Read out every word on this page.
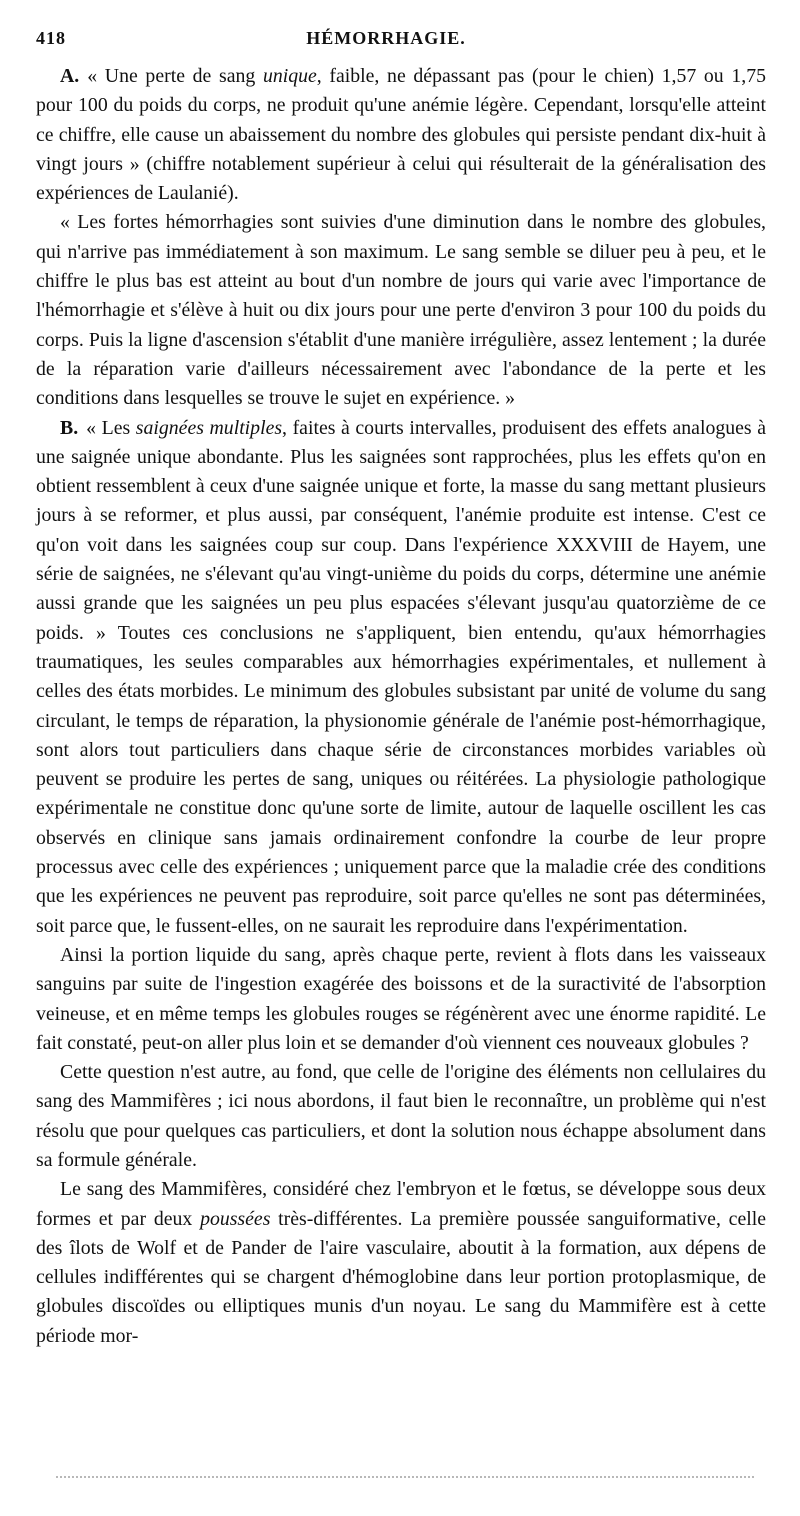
418	HÉMORRHAGIE.

A. « Une perte de sang unique, faible, ne dépassant pas (pour le chien) 1,57 ou 1,75 pour 100 du poids du corps, ne produit qu'une anémie légère. Cependant, lorsqu'elle atteint ce chiffre, elle cause un abaissement du nombre des globules qui persiste pendant dix-huit à vingt jours » (chiffre notablement supérieur à celui qui résulterait de la généralisation des expériences de Laulanié).

« Les fortes hémorrhagies sont suivies d'une diminution dans le nombre des globules, qui n'arrive pas immédiatement à son maximum. Le sang semble se diluer peu à peu, et le chiffre le plus bas est atteint au bout d'un nombre de jours qui varie avec l'importance de l'hémorrhagie et s'élève à huit ou dix jours pour une perte d'environ 3 pour 100 du poids du corps. Puis la ligne d'ascension s'établit d'une manière irrégulière, assez lentement ; la durée de la réparation varie d'ailleurs nécessairement avec l'abondance de la perte et les conditions dans lesquelles se trouve le sujet en expérience. »

B. « Les saignées multiples, faites à courts intervalles, produisent des effets analogues à une saignée unique abondante. Plus les saignées sont rapprochées, plus les effets qu'on en obtient ressemblent à ceux d'une saignée unique et forte, la masse du sang mettant plusieurs jours à se reformer, et plus aussi, par conséquent, l'anémie produite est intense. C'est ce qu'on voit dans les saignées coup sur coup. Dans l'expérience XXXVIII de Hayem, une série de saignées, ne s'élevant qu'au vingt-unième du poids du corps, détermine une anémie aussi grande que les saignées un peu plus espacées s'élevant jusqu'au quatorzième de ce poids. » Toutes ces conclusions ne s'appliquent, bien entendu, qu'aux hémorrhagies traumatiques, les seules comparables aux hémorrhagies expérimentales, et nullement à celles des états morbides. Le minimum des globules subsistant par unité de volume du sang circulant, le temps de réparation, la physionomie générale de l'anémie post-hémorrhagique, sont alors tout particuliers dans chaque série de circonstances morbides variables où peuvent se produire les pertes de sang, uniques ou réitérées. La physiologie pathologique expérimentale ne constitue donc qu'une sorte de limite, autour de laquelle oscillent les cas observés en clinique sans jamais ordinairement confondre la courbe de leur propre processus avec celle des expériences ; uniquement parce que la maladie crée des conditions que les expériences ne peuvent pas reproduire, soit parce qu'elles ne sont pas déterminées, soit parce que, le fussent-elles, on ne saurait les reproduire dans l'expérimentation.

Ainsi la portion liquide du sang, après chaque perte, revient à flots dans les vaisseaux sanguins par suite de l'ingestion exagérée des boissons et de la suractivité de l'absorption veineuse, et en même temps les globules rouges se régénèrent avec une énorme rapidité. Le fait constaté, peut-on aller plus loin et se demander d'où viennent ces nouveaux globules ?

Cette question n'est autre, au fond, que celle de l'origine des éléments non cellulaires du sang des Mammifères ; ici nous abordons, il faut bien le reconnaître, un problème qui n'est résolu que pour quelques cas particuliers, et dont la solution nous échappe absolument dans sa formule générale.

Le sang des Mammifères, considéré chez l'embryon et le fœtus, se développe sous deux formes et par deux poussées très-différentes. La première poussée sanguiformative, celle des îlots de Wolf et de Pander de l'aire vasculaire, aboutit à la formation, aux dépens de cellules indifférentes qui se chargent d'hémoglobine dans leur portion protoplasmique, de globules discoïdes ou elliptiques munis d'un noyau. Le sang du Mammifère est à cette période mor-
